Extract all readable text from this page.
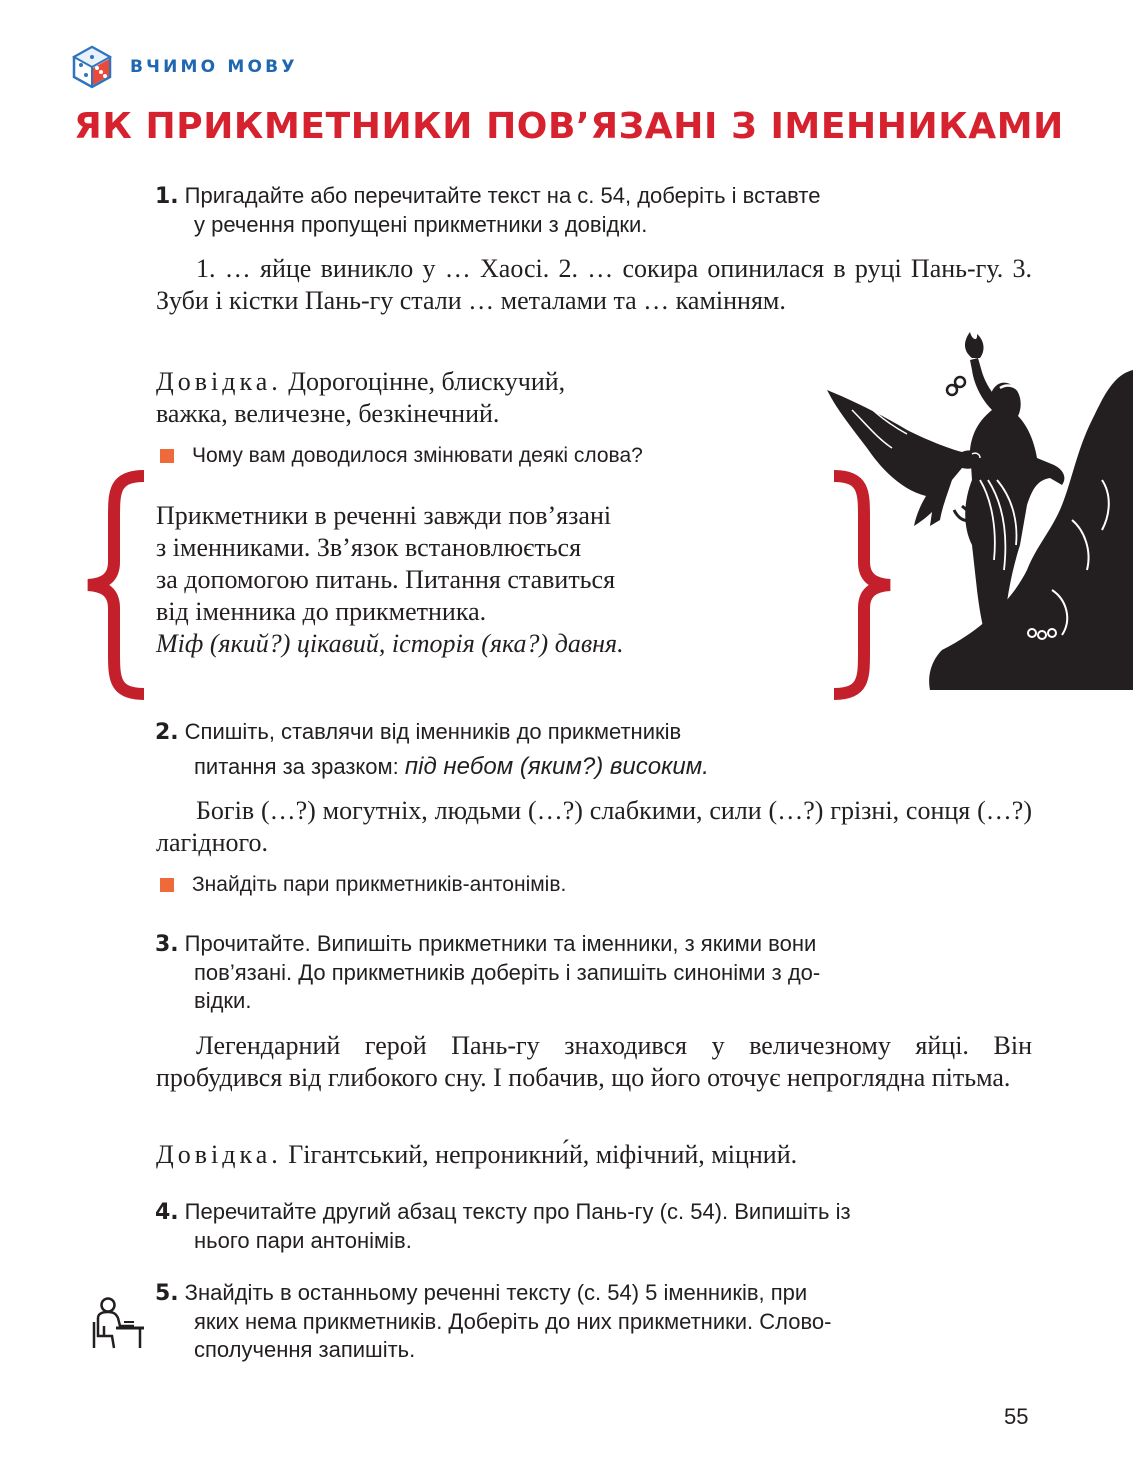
ВЧИМО МОВУ
ЯК ПРИКМЕТНИКИ ПОВ’ЯЗАНІ З ІМЕННИКАМИ
1. Пригадайте або перечитайте текст на с. 54, доберіть і вставте
у речення пропущені прикметники з довідки.
1. … яйце виникло у … Хаосі. 2. … сокира опинилася в руці Пань-гу. 3. Зуби і кістки Пань-гу стали … металами та … камінням.
Довідка. Дорогоцінне, блискучий,
важка, величезне, безкінечний.
Чому вам доводилося змінювати деякі слова?
Прикметники в реченні завжди пов’язані
з іменниками. Зв’язок встановлюється
за допомогою питань. Питання ставиться
від іменника до прикметника.
Міф (який?) цікавий, історія (яка?) давня.
2. Спишіть, ставлячи від іменників до прикметників
питання за зразком: під небом (яким?) високим.
Богів (…?) могутніх, людьми (…?) слабкими, сили (…?) грізні, сонця (…?) лагідного.
Знайдіть пари прикметників-антонімів.
3. Прочитайте. Випишіть прикметники та іменники, з якими вони
пов’язані. До прикметників доберіть і запишіть синоніми з до-
відки.
Легендарний герой Пань-гу знаходився у величезному яйці. Він пробудився від глибокого сну. І побачив, що його оточує непроглядна пітьма.
Довідка. Гігантський, непроникни́й, міфічний, міцний.
4. Перечитайте другий абзац тексту про Пань-гу (с. 54). Випишіть із
нього пари антонімів.
5. Знайдіть в останньому реченні тексту (с. 54) 5 іменників, при
яких нема прикметників. Доберіть до них прикметники. Слово-
сполучення запишіть.
55
